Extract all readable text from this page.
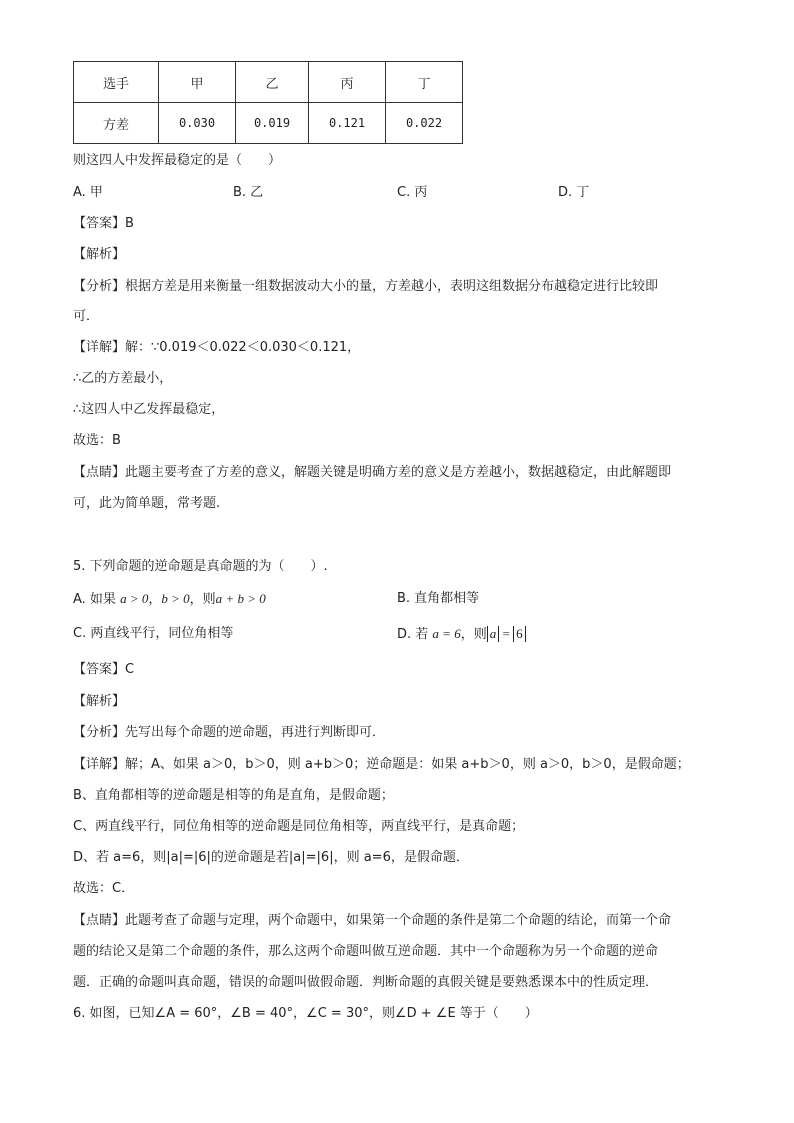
选手	甲	乙	丙	丁
方差	0.030	0.019	0.121	0.022
则这四人中发挥最稳定的是（　　）
A. 甲	B. 乙	C. 丙	D. 丁
【答案】B
【解析】
【分析】根据方差是用来衡量一组数据波动大小的量，方差越小，表明这组数据分布越稳定进行比较即
可．
【详解】解：∵0.019＜0.022＜0.030＜0.121，
∴乙的方差最小，
∴这四人中乙发挥最稳定，
故选：B
【点睛】此题主要考查了方差的意义，解题关键是明确方差的意义是方差越小，数据越稳定，由此解题即
可，此为简单题，常考题.
5. 下列命题的逆命题是真命题的为（　　）.
A. 如果 a > 0，b > 0，则a + b > 0	B. 直角都相等
C. 两直线平行，同位角相等	D. 若 a = 6，则 a = 6
【答案】C
【解析】
【分析】先写出每个命题的逆命题，再进行判断即可．
【详解】解；A、如果 a＞0，b＞0，则 a+b＞0；逆命题是：如果 a+b＞0，则 a＞0，b＞0，是假命题；
B、直角都相等的逆命题是相等的角是直角，是假命题；
C、两直线平行，同位角相等的逆命题是同位角相等，两直线平行，是真命题；
D、若 a=6，则|a|=|6|的逆命题是若|a|=|6|，则 a=6，是假命题．
故选：C．
【点睛】此题考查了命题与定理，两个命题中，如果第一个命题的条件是第二个命题的结论，而第一个命
题的结论又是第二个命题的条件，那么这两个命题叫做互逆命题．其中一个命题称为另一个命题的逆命
题．正确的命题叫真命题，错误的命题叫做假命题．判断命题的真假关键是要熟悉课本中的性质定理．
6. 如图，已知∠A = 60°，∠B = 40°，∠C = 30°，则∠D + ∠E 等于（　　）
